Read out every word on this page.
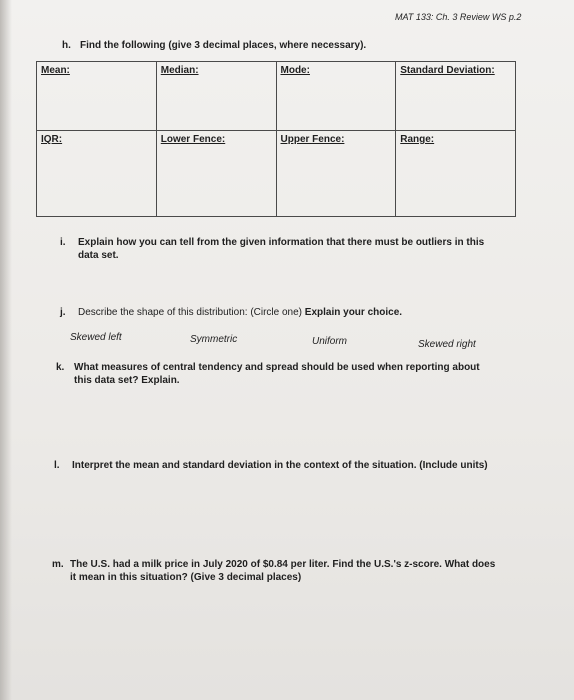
MAT 133: Ch. 3 Review WS p.2
h. Find the following (give 3 decimal places, where necessary).
Mean:	Median:	Mode:	Standard Deviation:
IQR:	Lower Fence:	Upper Fence:	Range:
i. Explain how you can tell from the given information that there must be outliers in this
data set.
j. Describe the shape of this distribution: (Circle one) Explain your choice.
Skewed left	Symmetric	Uniform	Skewed right
k. What measures of central tendency and spread should be used when reporting about
this data set? Explain.
l. Interpret the mean and standard deviation in the context of the situation. (Include units)
m. The U.S. had a milk price in July 2020 of $0.84 per liter. Find the U.S.'s z-score. What does
it mean in this situation? (Give 3 decimal places)
